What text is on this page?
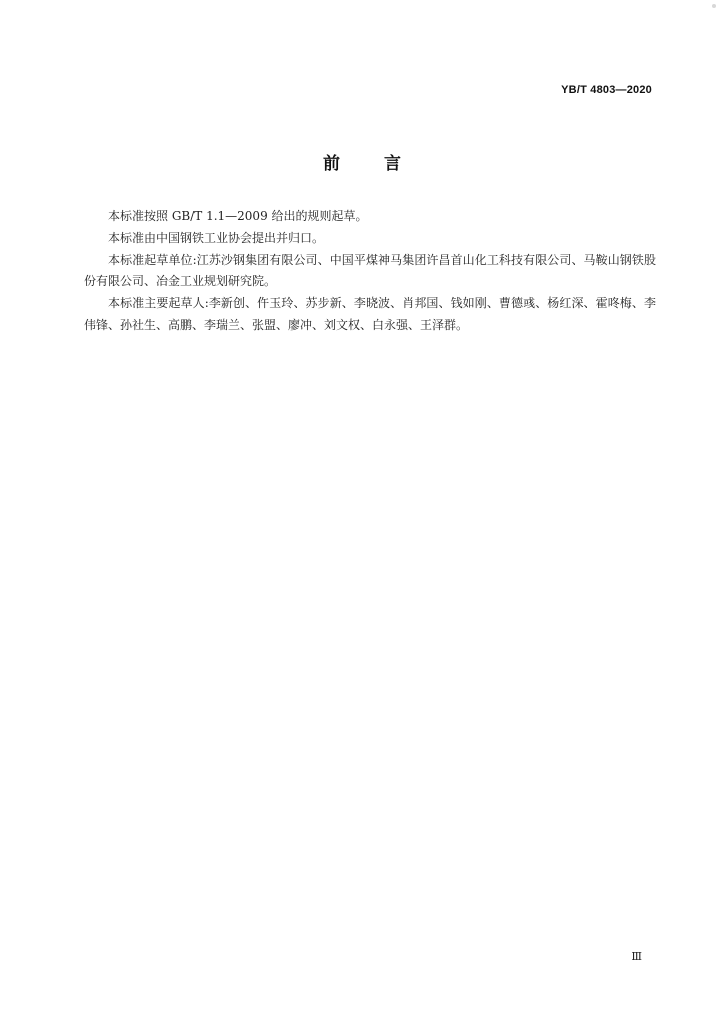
YB/T 4803—2020
前	言

本标准按照 GB/T 1.1—2009 给出的规则起草。

本标准由中国钢铁工业协会提出并归口。

本标准起草单位:江苏沙钢集团有限公司、中国平煤神马集团许昌首山化工科技有限公司、马鞍山钢铁股份有限公司、冶金工业规划研究院。

本标准主要起草人:李新创、仵玉玲、苏步新、李晓波、肖邦国、钱如刚、曹德彧、杨红深、霍咚梅、李伟锋、孙社生、高鹏、李瑞兰、张盟、廖冲、刘文权、白永强、王泽群。

Ⅲ
